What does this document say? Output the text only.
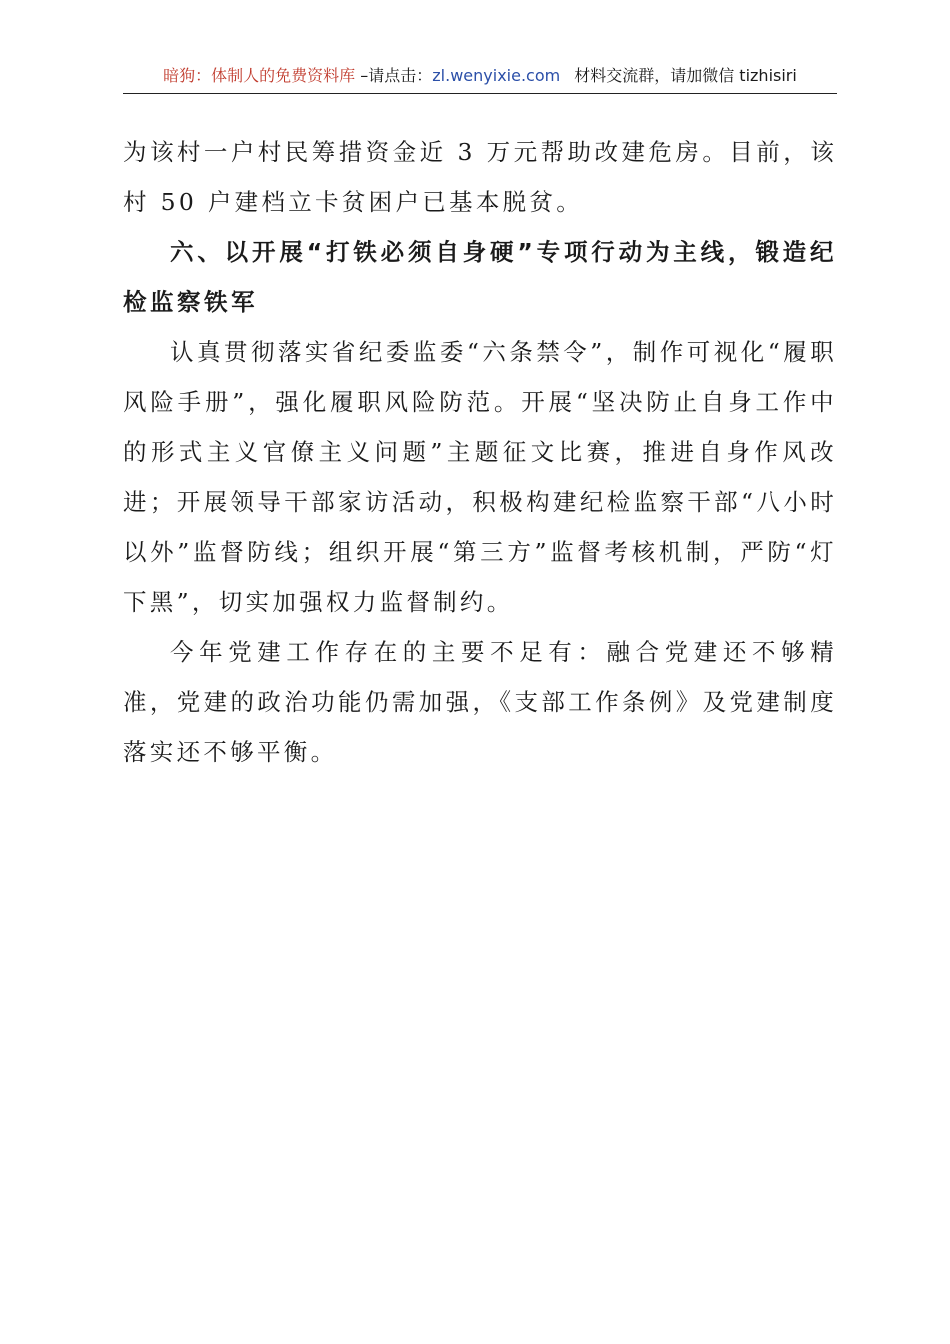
暗狗：体制人的免费资料库 –请点击：zl.wenyixie.com 材料交流群，请加微信 tizhisiri

为该村一户村民筹措资金近 3 万元帮助改建危房。目前，该村 50 户建档立卡贫困户已基本脱贫。

六、以开展“打铁必须自身硬”专项行动为主线，锻造纪检监察铁军

认真贯彻落实省纪委监委“六条禁令”，制作可视化“履职风险手册”，强化履职风险防范。开展“坚决防止自身工作中的形式主义官僚主义问题”主题征文比赛，推进自身作风改进；开展领导干部家访活动，积极构建纪检监察干部“八小时以外”监督防线；组织开展“第三方”监督考核机制，严防“灯下黑”，切实加强权力监督制约。

今年党建工作存在的主要不足有：融合党建还不够精准，党建的政治功能仍需加强，《支部工作条例》及党建制度落实还不够平衡。
